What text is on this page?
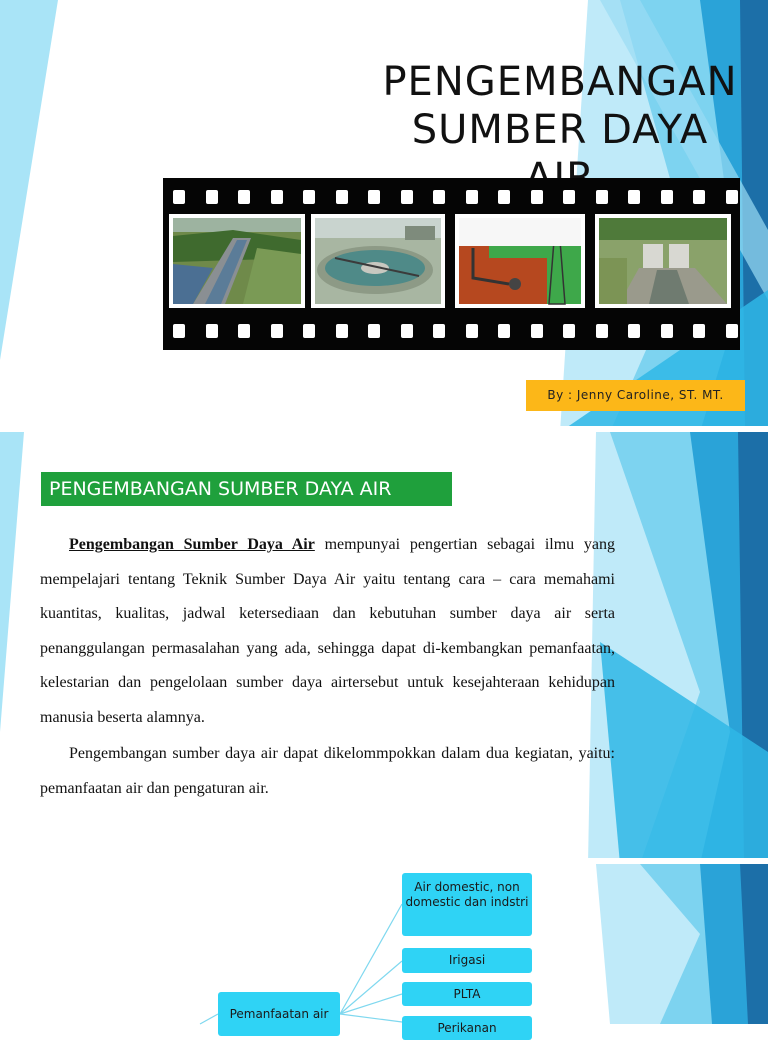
PENGEMBANGAN
SUMBER DAYA
By : Jenny Caroline, ST. MT.
PENGEMBANGAN SUMBER DAYA AIR

Pengembangan Sumber Daya Air mempunyai pengertian sebagai ilmu yang mempelajari tentang Teknik Sumber Daya Air yaitu tentang cara – cara memahami kuantitas, kualitas, jadwal ketersediaan dan kebutuhan sumber daya air serta penanggulangan permasalahan yang ada, sehingga dapat di-kembangkan pemanfaatan, kelestarian dan pengelolaan sumber daya airtersebut untuk kesejahteraan kehidupan manusia beserta alamnya.

Pengembangan sumber daya air dapat dikelommpokkan dalam dua kegiatan, yaitu: pemanfaatan air dan pengaturan air.

Air domestic, non domestic dan indstri
Irigasi
PLTA
Perikanan
Pemanfaatan air
